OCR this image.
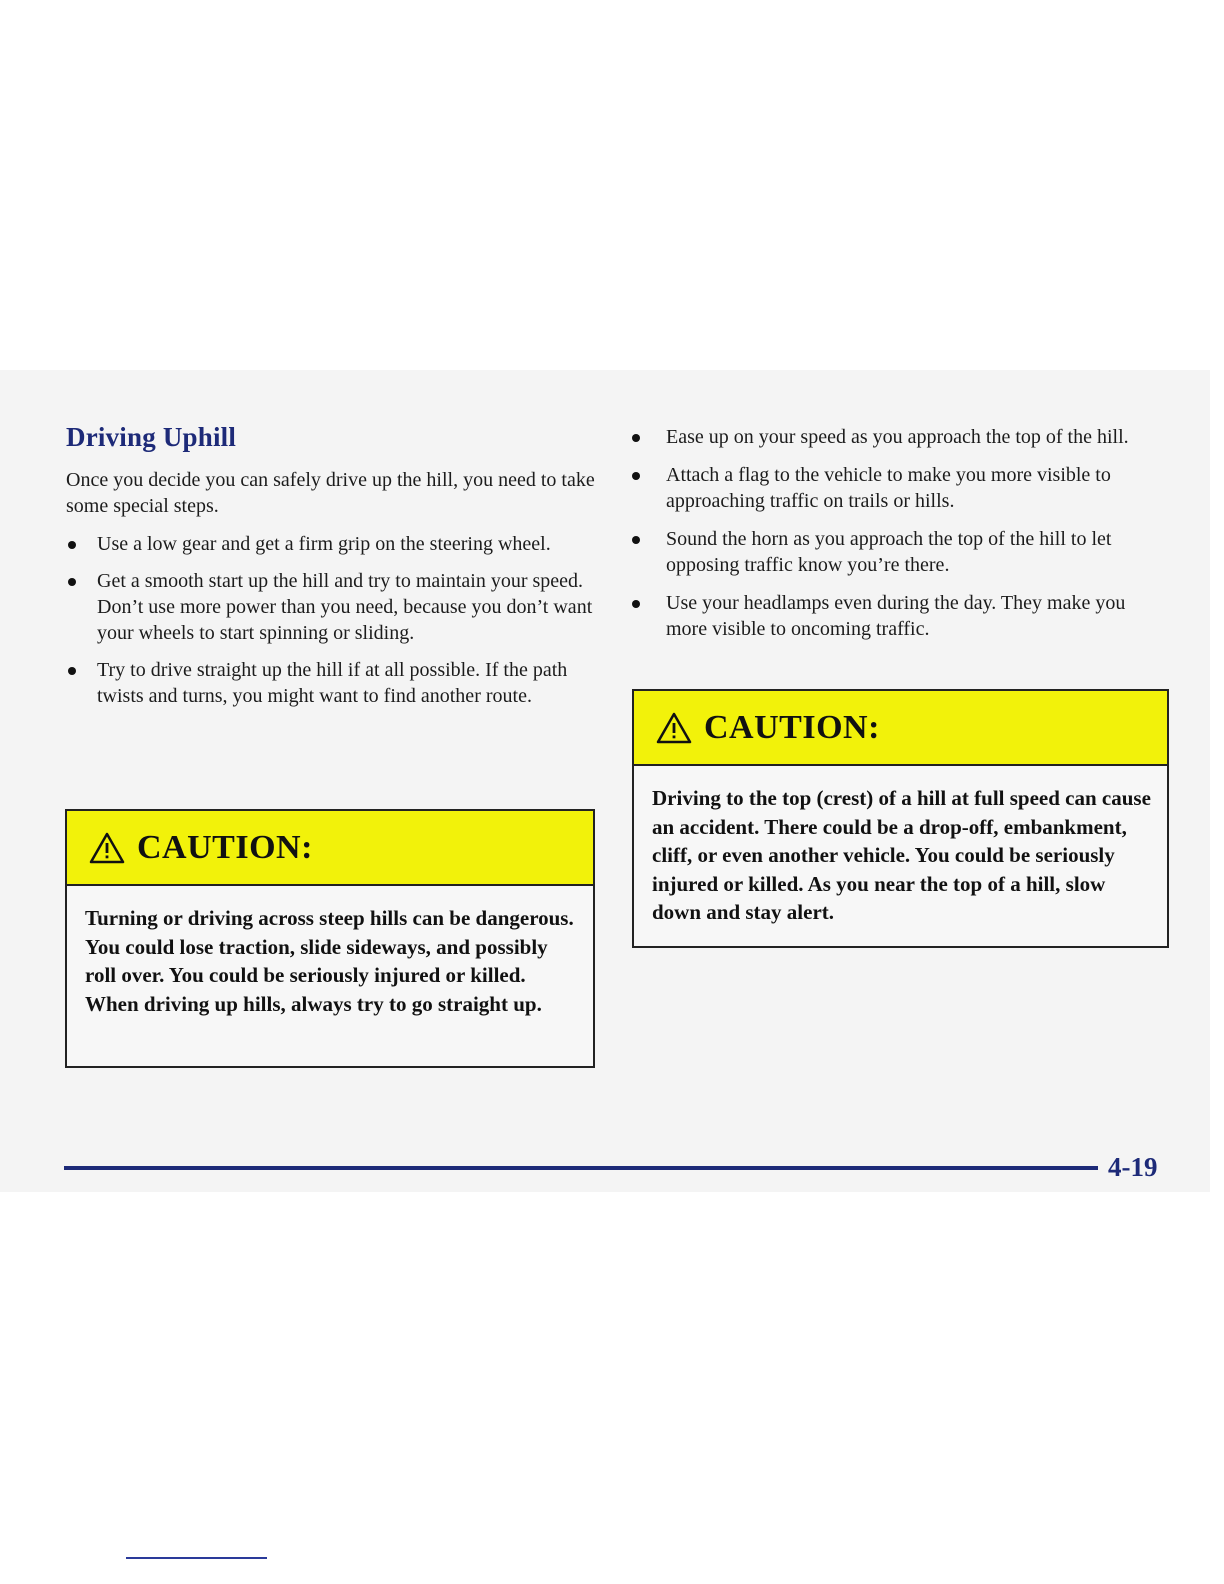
Driving Uphill

Once you decide you can safely drive up the hill, you need to take some special steps.

Use a low gear and get a firm grip on the steering wheel.
Get a smooth start up the hill and try to maintain your speed. Don’t use more power than you need, because you don’t want your wheels to start spinning or sliding.
Try to drive straight up the hill if at all possible. If the path twists and turns, you might want to find another route.
CAUTION:
Turning or driving across steep hills can be dangerous. You could lose traction, slide sideways, and possibly roll over. You could be seriously injured or killed. When driving up hills, always try to go straight up.
Ease up on your speed as you approach the top of the hill.
Attach a flag to the vehicle to make you more visible to approaching traffic on trails or hills.
Sound the horn as you approach the top of the hill to let opposing traffic know you’re there.
Use your headlamps even during the day. They make you more visible to oncoming traffic.
CAUTION:
Driving to the top (crest) of a hill at full speed can cause an accident. There could be a drop-off, embankment, cliff, or even another vehicle. You could be seriously injured or killed. As you near the top of a hill, slow down and stay alert.
4-19
